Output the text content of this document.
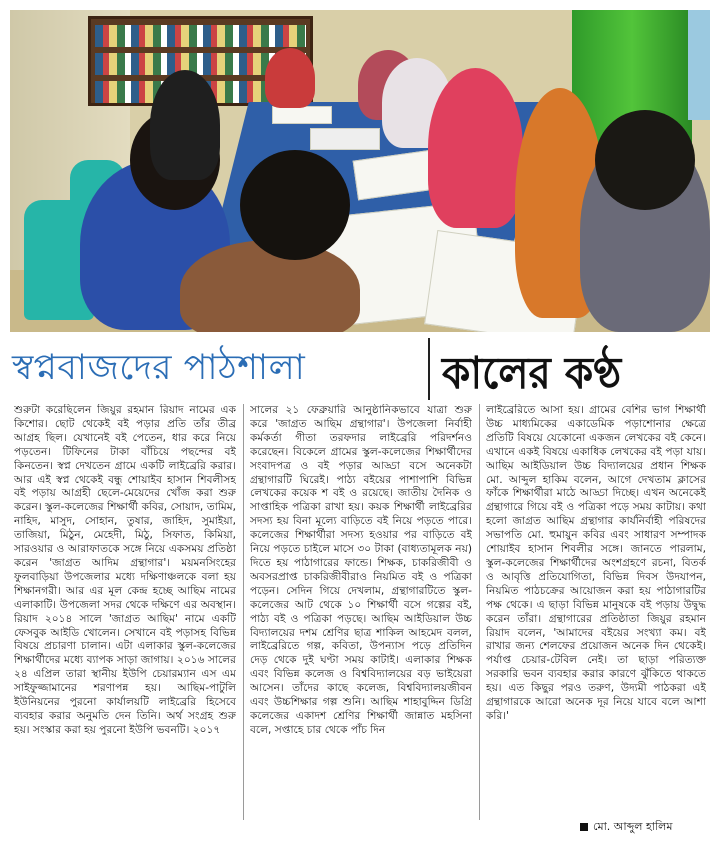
স্বপ্নবাজদের পাঠশালা	কালের কণ্ঠ
শুরুটা করেছিলেন জিয়ুর রহমান রিয়াদ নামের এক কিশোর। ছোট থেকেই বই পড়ার প্রতি তাঁর তীব্র আগ্রহ ছিল। যেখানেই বই পেতেন, ধার করে নিয়ে পড়তেন। টিফিনের টাকা বাঁচিয়ে পছন্দের বই কিনতেন। স্বপ্ন দেখতেন গ্রামে একটি লাইব্রেরি করার। আর এই স্বপ্ন থেকেই বন্ধু শোয়াইব হাসান শিবলীসহ বই পড়ায় আগ্রহী ছেলে-মেয়েদের খোঁজ করা শুরু করেন। স্কুল-কলেজের শিক্ষার্থী কবির, সোয়াদ, তামিম, নাহিদ, মাসুদ, সোহান, তুষার, জাহিদ, সুমাইয়া, তাজিয়া, মিঠুন, মেহেদী, মিঠু, সিফাত, কিমিয়া, সারওয়ার ও আরাফাতকে সঙ্গে নিয়ে একসময় প্রতিষ্ঠা করেন 'জাগ্রত আদিম গ্রন্থাগার'। ময়মনসিংহের ফুলবাড়িয়া উপজেলার মধ্যে দক্ষিণাঞ্চলকে বলা হয় শিক্ষানগরী। আর এর মূল কেন্দ্র হচ্ছে আছিম নামের এলাকাটি। উপজেলা সদর থেকে দক্ষিণে এর অবস্থান। রিয়াদ ২০১৪ সালে 'জাগ্রত আছিম' নামে একটি ফেসবুক আইডি খোলেন। সেখানে বই পড়াসহ বিভিন্ন বিষয়ে প্রচারণা চালান। এটা এলাকার স্কুল-কলেজের শিক্ষার্থীদের মধ্যে ব্যাপক সাড়া জাগায়। ২০১৬ সালের ২৪ এপ্রিল তারা স্থানীয় ইউপি চেয়ারম্যান এস এম সাইফুজ্জামানের শরণাপন্ন হয়। আছিম-পাটুলি ইউনিয়নের পুরনো কার্যালয়টি লাইব্রেরি হিসেবে ব্যবহার করার অনুমতি দেন তিনি। অর্থ সংগ্রহ শুরু হয়। সংস্কার করা হয় পুরনো ইউপি ভবনটি। ২০১৭
সালের ২১ ফেব্রুয়ারি আনুষ্ঠানিকভাবে যাত্রা শুরু করে 'জাগ্রত আছিম গ্রন্থাগার'। উপজেলা নির্বাহী কর্মকর্তা গীতা তরফদার লাইব্রেরি পরিদর্শনও করেছেন। বিকেলে গ্রামের স্কুল-কলেজের শিক্ষার্থীদের সংবাদপত্র ও বই পড়ার আড্ডা বসে অনেকটা গ্রন্থাগারটি ঘিরেই। পাঠ্য বইয়ের পাশাপাশি বিভিন্ন লেখকের কয়েক শ বই ও রয়েছে। জাতীয় দৈনিক ও সাপ্তাহিক পত্রিকা রাখা হয়। কয়ক শিক্ষার্থী লাইব্রেরির সদস্য হয় বিনা মূল্যে বাড়িতে বই নিয়ে পড়তে পারে। কলেজের শিক্ষার্থীরা সদস্য হওয়ার পর বাড়িতে বই নিয়ে পড়তে চাইলে মাসে ৩০ টাকা (বাধ্যতামূলক নয়) দিতে হয় পাঠাগারের ফান্ডে। শিক্ষক, চাকরিজীবী ও অবসরপ্রাপ্ত চাকরিজীবীরাও নিয়মিত বই ও পত্রিকা পড়েন। সেদিন গিয়ে দেখলাম, গ্রন্থাগারটিতে স্কুল-কলেজের আট থেকে ১০ শিক্ষার্থী বসে গল্পের বই, পাঠ্য বই ও পত্রিকা পড়ছে। আছিম আইডিয়াল উচ্চ বিদ্যালয়ের দশম শ্রেণির ছাত্র শাকিল আহমেদ বলল, লাইব্রেরিতে গল্প, কবিতা, উপন্যাস পড়ে প্রতিদিন দেড় থেকে দুই ঘণ্টা সময় কাটাই। এলাকার শিক্ষক এবং বিভিন্ন কলেজ ও বিশ্ববিদ্যালয়ের বড় ভাইয়েরা আসেন। তাঁদের কাছে কলেজ, বিশ্ববিদ্যালয়জীবন এবং উচ্চশিক্ষার গল্প শুনি। আছিম শাহাবুদ্দিন ডিগ্রি কলেজের একাদশ শ্রেণির শিক্ষার্থী জান্নাত মহসিনা বলে, সপ্তাহে চার থেকে পাঁচ দিন
লাইব্রেরিতে আসা হয়। গ্রামের বেশির ভাগ শিক্ষার্থী উচ্চ মাধ্যমিকের একাডেমিক পড়াশোনার ক্ষেত্রে প্রতিটি বিষয়ে যেকোনো একজন লেখকের বই কেনে। এখানে একই বিষয়ে একাধিক লেখকের বই পড়া যায়। আছিম আইডিয়াল উচ্চ বিদ্যালয়ের প্রধান শিক্ষক মো. আব্দুল হাকিম বলেন, আগে দেখতাম ক্লাসের ফাঁকে শিক্ষার্থীরা মাঠে আড্ডা দিচ্ছে। এখন অনেকেই গ্রন্থাগারে গিয়ে বই ও পত্রিকা পড়ে সময় কাটায়। কথা হলো জাগ্রত আছিম গ্রন্থাগার কার্যনির্বাহী পরিষদের সভাপতি মো. হুমায়ুন কবির এবং সাধারণ সম্পাদক শোয়াইব হাসান শিবলীর সঙ্গে। জানতে পারলাম, স্কুল-কলেজের শিক্ষার্থীদের অংশগ্রহণে রচনা, বিতর্ক ও আবৃত্তি প্রতিযোগিতা, বিভিন্ন দিবস উদযাপন, নিয়মিত পাঠচক্রের আয়োজন করা হয় পাঠাগারটির পক্ষ থেকে। এ ছাড়া বিভিন্ন মানুষকে বই পড়ায় উদ্বুদ্ধ করেন তাঁরা। গ্রন্থাগারের প্রতিষ্ঠাতা জিয়ুর রহমান রিয়াদ বলেন, 'আমাদের বইয়ের সংখ্যা কম। বই রাখার জন্য শেলফের প্রয়োজন অনেক দিন থেকেই। পর্যাপ্ত চেয়ার-টেবিল নেই। তা ছাড়া পরিত্যক্ত সরকারি ভবন ব্যবহার করার কারণে ঝুঁকিতে থাকতে হয়। এত কিছুর পরও তরুণ, উদ্যমী পাঠকরা এই গ্রন্থাগারকে আরো অনেক দূর নিয়ে যাবে বলে আশা করি।'
মো. আব্দুল হালিম
